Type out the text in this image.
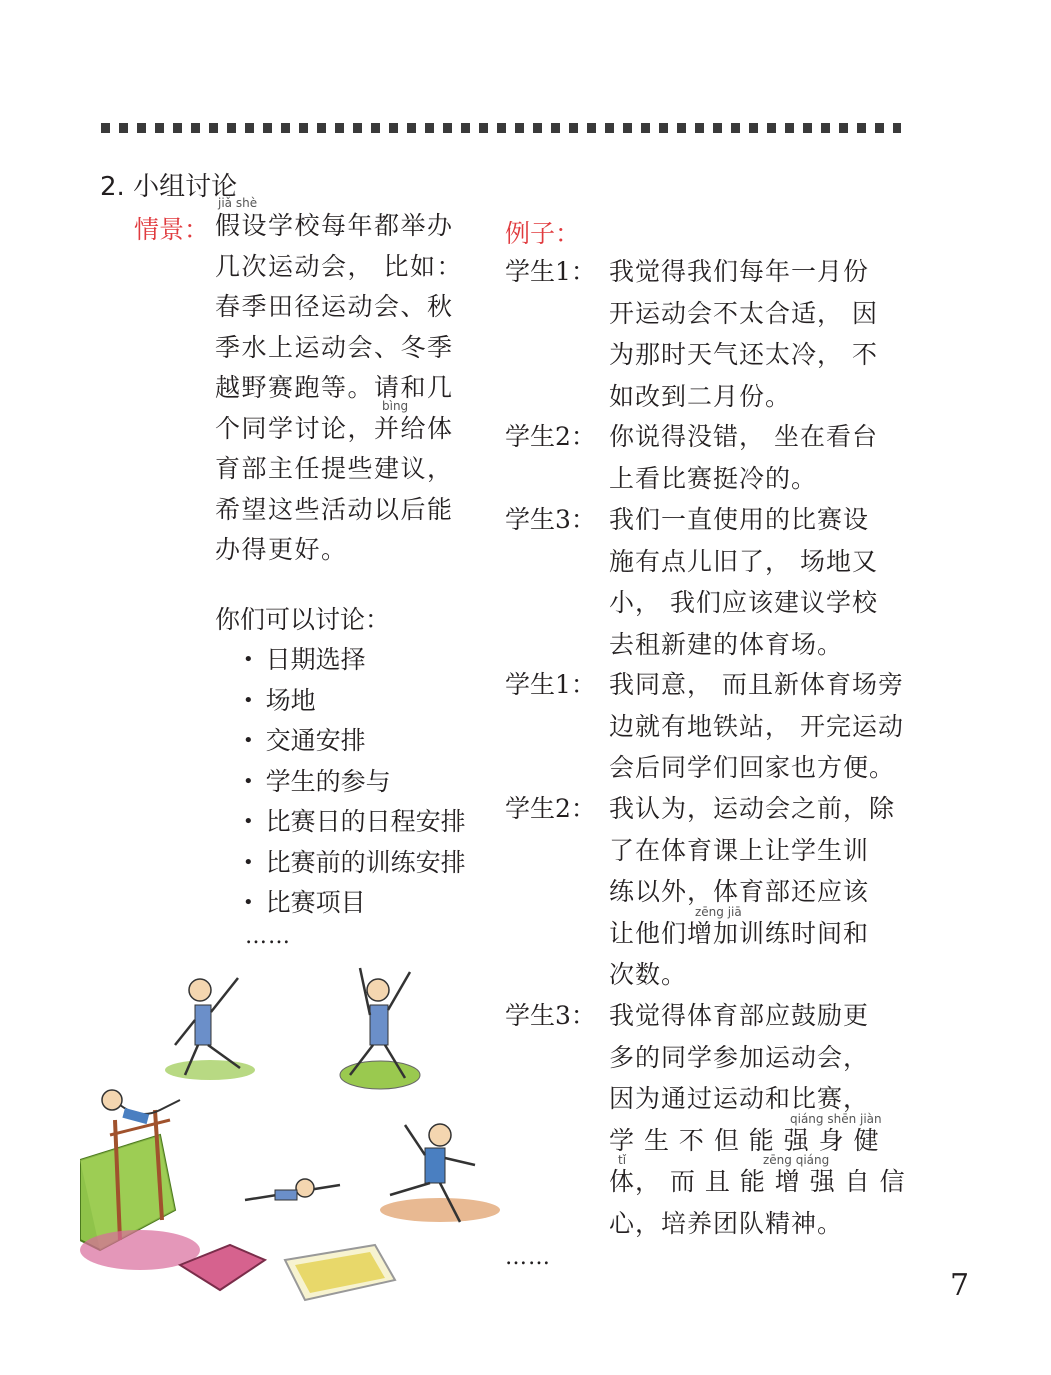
2. 小组讨论
jiǎ shè
情景： 假设学校每年都举办

几次运动会， 比如：

春季田径运动会、秋

季水上运动会、冬季

越野赛跑等。请和几

个同学讨论，并给体

育部主任提些建议，

希望这些活动以后能

办得更好。

bìng
你们可以讨论：
• 日期选择
• 场地
• 交通安排
• 学生的参与
• 比赛日的日程安排
• 比赛前的训练安排
• 比赛项目
……
例子：
学生1： 我觉得我们每年一月份
开运动会不太合适， 因
为那时天气还太冷， 不
如改到二月份。
学生2： 你说得没错， 坐在看台
上看比赛挺冷的。
学生3： 我们一直使用的比赛设
施有点儿旧了， 场地又
小， 我们应该建议学校
去租新建的体育场。
学生1： 我同意， 而且新体育场旁
边就有地铁站， 开完运动
会后同学们回家也方便。
学生2： 我认为，运动会之前，除
了在体育课上让学生训
练以外，体育部还应该
让他们增加训练时间和
次数。
zēng jiā
学生3： 我觉得体育部应鼓励更
多的同学参加运动会，
因为通过运动和比赛，
学 生 不 但 能 强 身 健
体， 而 且 能 增 强 自 信
心，培养团队精神。
qiáng shēn jiàn
tǐ	zēng qiáng
……
7
